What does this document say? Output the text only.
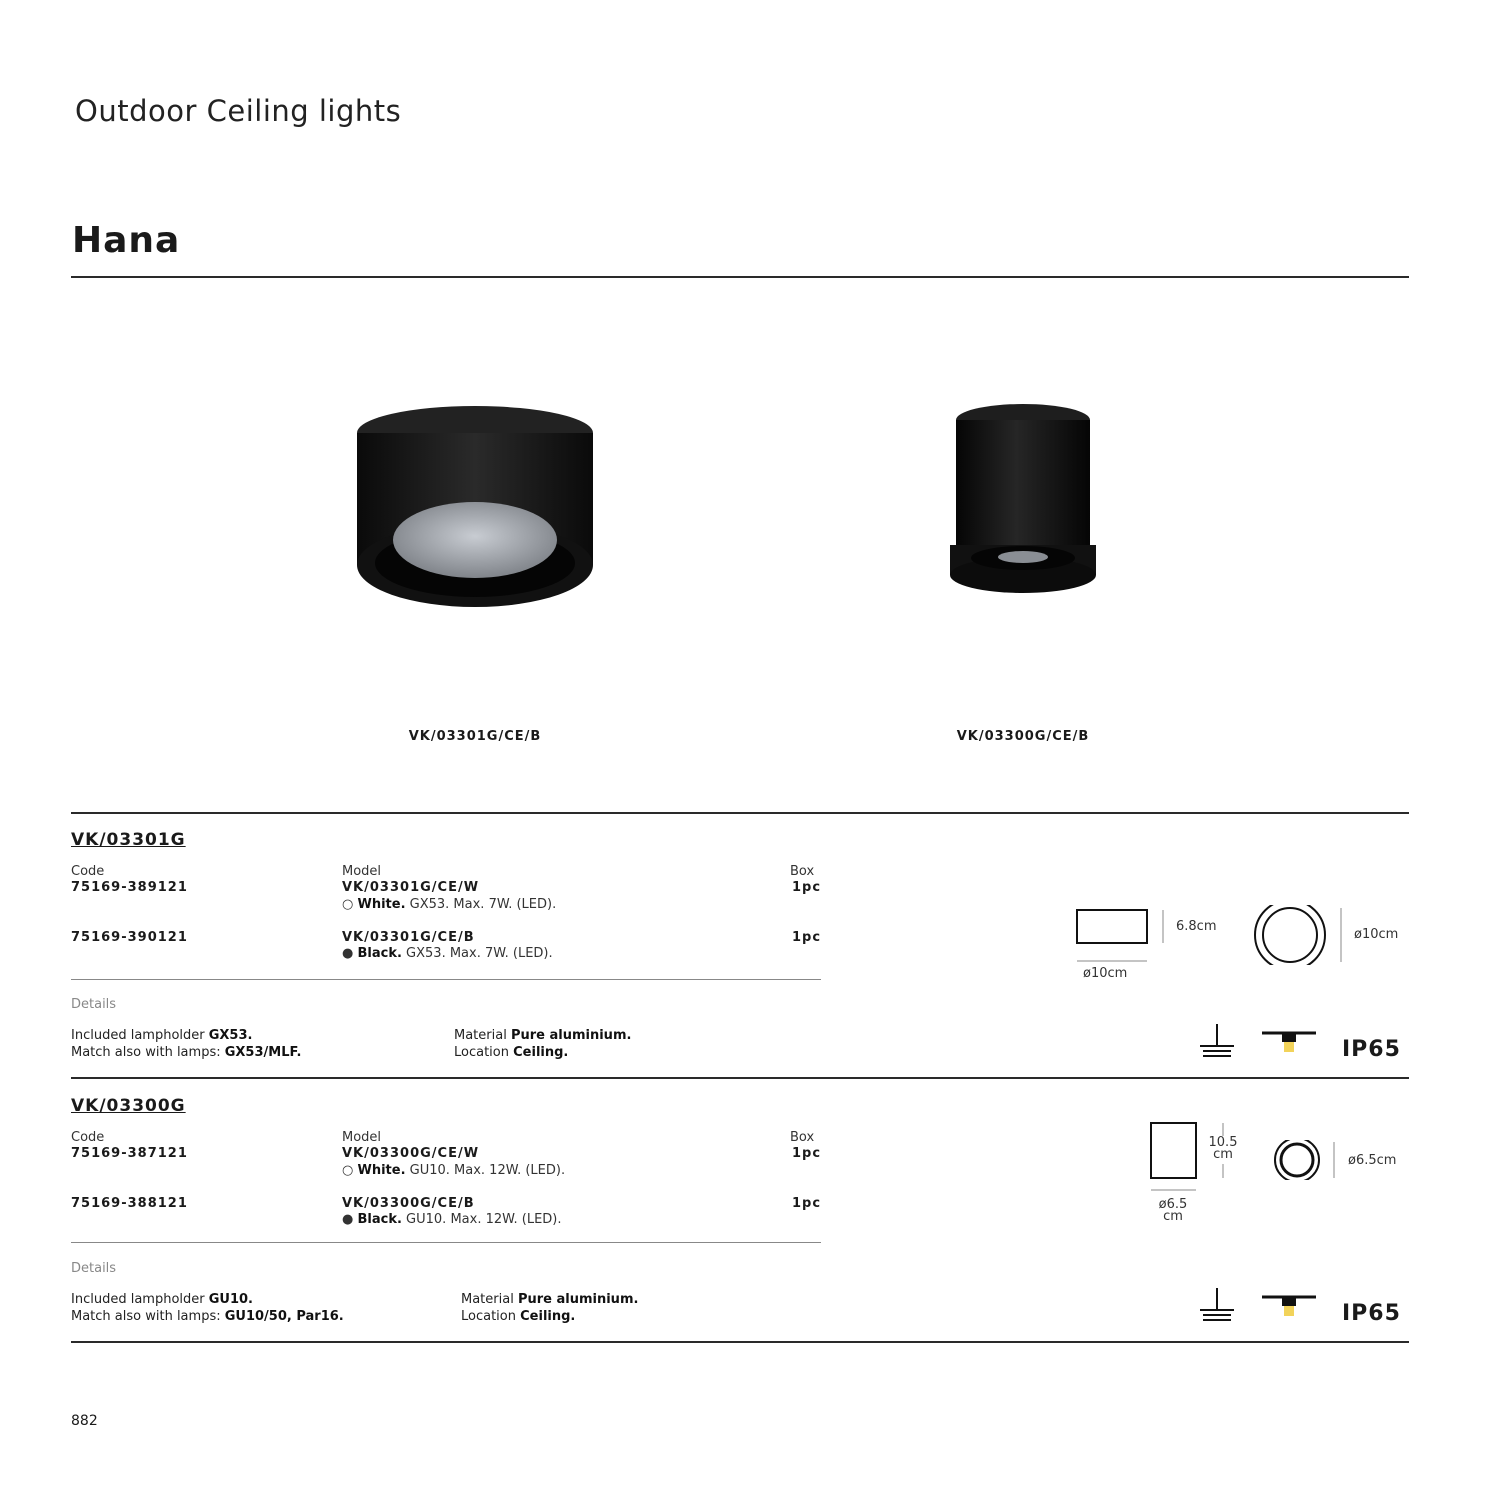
Outdoor Ceiling lights
Hana
VK/03301G/CE/B	VK/03300G/CE/B
VK/03301G
Code	Model	Box
75169-389121	VK/03301G/CE/W	1pc
○ White. GX53. Max. 7W. (LED).
75169-390121	VK/03301G/CE/B	1pc
● Black. GX53. Max. 7W. (LED).
Details
Included lampholder GX53.
Match also with lamps: GX53/MLF.
Material Pure aluminium.
Location Ceiling.
6.8cm
ø10cm
ø10cm
IP65
VK/03300G
Code	Model	Box
75169-387121	VK/03300G/CE/W	1pc
○ White. GU10. Max. 12W. (LED).
75169-388121	VK/03300G/CE/B	1pc
● Black. GU10. Max. 12W. (LED).
Details
Included lampholder GU10.
Match also with lamps: GU10/50, Par16.
Material Pure aluminium.
Location Ceiling.
10.5
cm
ø6.5
cm
ø6.5cm
IP65
882
